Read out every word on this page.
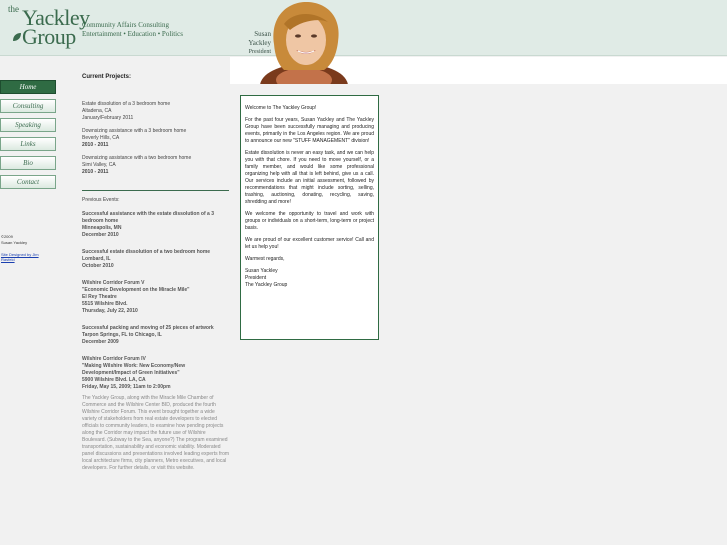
the Yackley
Group Community Affairs Consulting
Entertainment • Education • Politics	Susan Yackley
President
Home
Consulting
Speaking
Links
Bio
Contact
©2009
Susan Yackley
Site Designed by Jim Rasfeld
Current Projects:
Estate dissolution of a 3 bedroom home
Altadena, CA
January/February 2011
Downsizing assistance with a 3 bedroom home
Beverly Hills, CA
2010 - 2011
Downsizing assistance with a two bedroom home
Simi Valley, CA
2010 - 2011
Previous Events:
Successful assistance with the estate dissolution of a 3 bedroom home
Minneapolis, MN
December 2010
Successful estate dissolution of a two bedroom home
Lombard, IL
October 2010
Wilshire Corridor Forum V
"Economic Development on the Miracle Mile"
El Rey Theatre
5515 Wilshire Blvd.
Thursday, July 22, 2010
Successful packing and moving of 25 pieces of artwork
Tarpon Springs, FL to Chicago, IL
December 2009
Wilshire Corridor Forum IV
"Making Wilshire Work: New Economy/New Development/Impact of Green Initiatives"
5900 Wilshire Blvd. LA, CA
Friday, May 15, 2009; 11am to 2:00pm
The Yackley Group, along with the Miracle Mile Chamber of Commerce and the Wilshire Center BID, produced the fourth Wilshire Corridor Forum. This event brought together a wide variety of stakeholders from real estate developers to elected officials to community leaders, to examine how pending projects along the Corridor may impact the future use of Wilshire Boulevard. (Subway to the Sea, anyone?) The program examined transportation, sustainability and economic viability. Moderated panel discussions and presentations involved leading experts from local architecture firms, city planners, Metro executives, and local developers. For further details, or visit this website.

Welcome to The Yackley Group!

For the past four years, Susan Yackley and The Yackley Group have been successfully managing and producing events, primarily in the Los Angeles region. We are proud to announce our new "STUFF MANAGEMENT" division!

Estate dissolution is never an easy task, and we can help you with that chore. If you need to move yourself, or a family member, and would like some professional organizing help with all that is left behind, give us a call. Our services include an initial assessment, followed by recommendations that might include sorting, selling, trashing, auctioning, donating, recycling, saving, shredding and more!

We welcome the opportunity to travel and work with groups or individuals on a short-term, long-term or project basis.

We are proud of our excellent customer service! Call and let us help you!

Warmest regards,

Susan Yackley
President
The Yackley Group
